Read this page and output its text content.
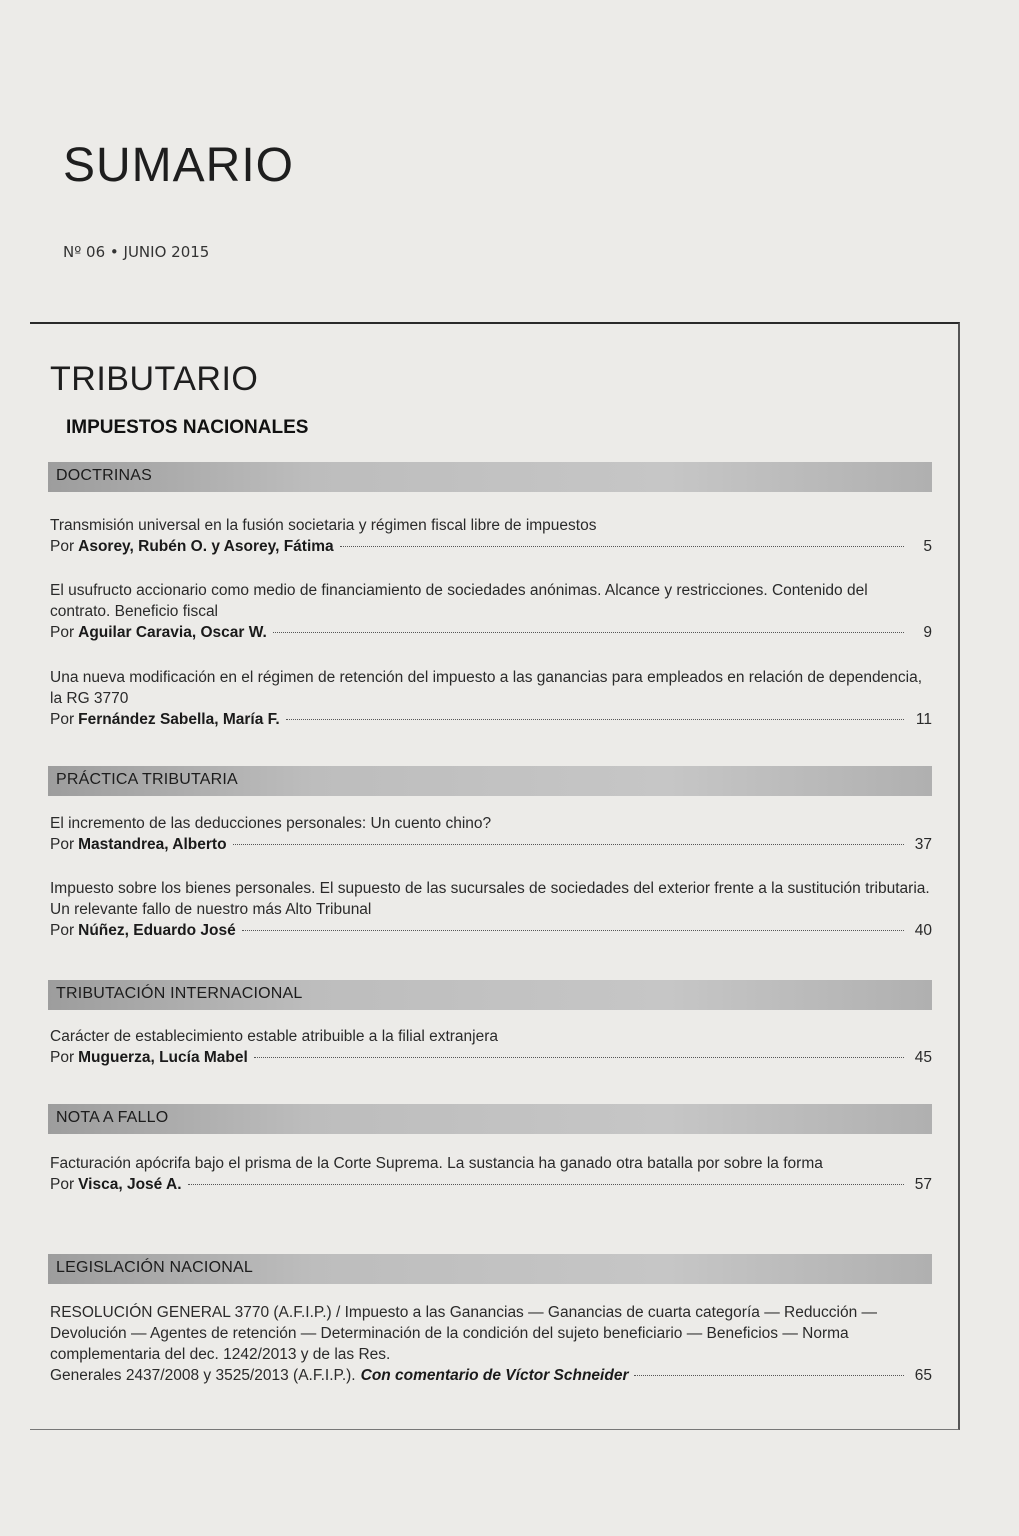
SUMARIO
Nº 06 • JUNIO 2015
TRIBUTARIO
IMPUESTOS NACIONALES
DOCTRINAS
Transmisión universal en la fusión societaria y régimen fiscal libre de impuestos
Por Asorey, Rubén O. y Asorey, Fátima	5
El usufructo accionario como medio de financiamiento de sociedades anónimas. Alcance y restricciones. Contenido del contrato. Beneficio fiscal
Por Aguilar Caravia, Oscar W.	9
Una nueva modificación en el régimen de retención del impuesto a las ganancias para empleados en relación de dependencia, la RG 3770
Por Fernández Sabella, María F.	11
PRÁCTICA TRIBUTARIA
El incremento de las deducciones personales: Un cuento chino?
Por Mastandrea, Alberto	37
Impuesto sobre los bienes personales. El supuesto de las sucursales de sociedades del exterior frente a la sustitución tributaria. Un relevante fallo de nuestro más Alto Tribunal
Por Núñez, Eduardo José	40
TRIBUTACIÓN INTERNACIONAL
Carácter de establecimiento estable atribuible a la filial extranjera
Por Muguerza, Lucía Mabel	45
NOTA A FALLO
Facturación apócrifa bajo el prisma de la Corte Suprema. La sustancia ha ganado otra batalla por sobre la forma
Por Visca, José A.	57
LEGISLACIÓN NACIONAL
RESOLUCIÓN GENERAL 3770 (A.F.I.P.) / Impuesto a las Ganancias — Ganancias de cuarta categoría — Reducción — Devolución — Agentes de retención — Determinación de la condición del sujeto beneficiario — Beneficios — Norma complementaria del dec. 1242/2013 y de las Res.
Generales 2437/2008 y 3525/2013 (A.F.I.P.). Con comentario de Víctor Schneider	65
